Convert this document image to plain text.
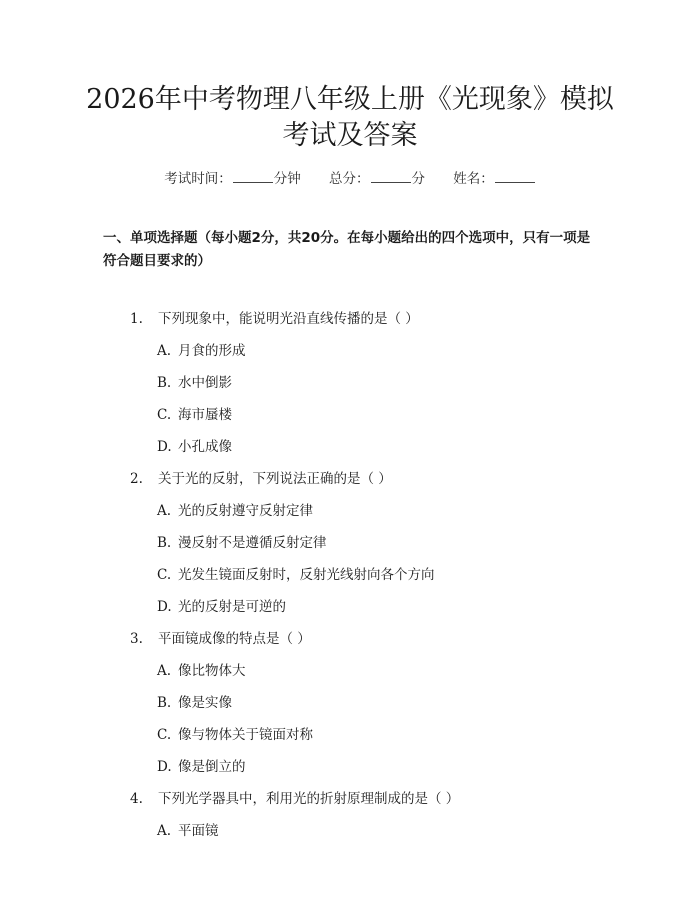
2026年中考物理八年级上册《光现象》模拟
考试及答案
考试时间：	分钟 总分：	分 姓名：

一、单项选择题（每小题2分，共20分。在每小题给出的四个选项中，只有一项是符合题目要求的）

1. 下列现象中，能说明光沿直线传播的是（ ）
A. 月食的形成
B. 水中倒影
C. 海市蜃楼
D. 小孔成像
2. 关于光的反射，下列说法正确的是（ ）
A. 光的反射遵守反射定律
B. 漫反射不是遵循反射定律
C. 光发生镜面反射时，反射光线射向各个方向
D. 光的反射是可逆的
3. 平面镜成像的特点是（ ）
A. 像比物体大
B. 像是实像
C. 像与物体关于镜面对称
D. 像是倒立的
4. 下列光学器具中，利用光的折射原理制成的是（ ）
A. 平面镜
